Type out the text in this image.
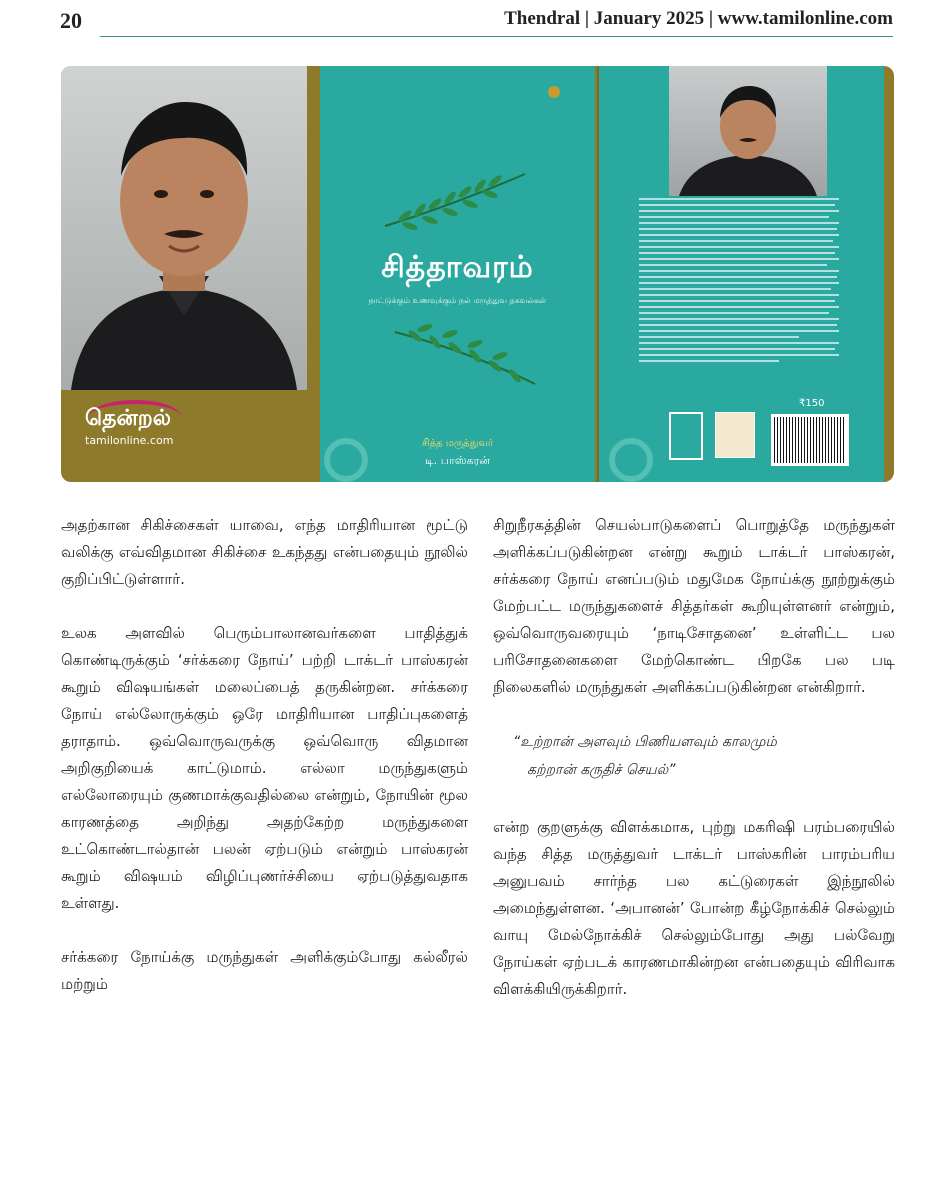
20	Thendral | January 2025 | www.tamilonline.com
தென்றல்
tamilonline.com
சித்தாவரம்
நாட்டுக்கும் உணவுக்கும் நல் மருத்துவ தகவல்கள்
சித்த மருத்துவர்
டி. பாஸ்கரன்
₹150

அதற்கான சிகிச்சைகள் யாவை, எந்த மாதிரியான மூட்டு வலிக்கு எவ்விதமான சிகிச்சை உகந்தது என்பதையும் நூலில் குறிப்பிட்டுள்ளார்.

உலக அளவில் பெரும்பாலானவர்களை பாதித்துக் கொண்டிருக்கும் ‘சர்க்கரை நோய்’ பற்றி டாக்டர் பாஸ்கரன் கூறும் விஷயங்கள் மலைப்பைத் தருகின்றன. சர்க்கரை நோய் எல்லோருக்கும் ஒரே மாதிரியான பாதிப்புகளைத் தராதாம். ஒவ்வொருவருக்கு ஒவ்வொரு விதமான அறிகுறியைக் காட்டுமாம். எல்லா மருந்துகளும் எல்லோரையும் குணமாக்குவதில்லை என்றும், நோயின் மூல காரணத்தை அறிந்து அதற்கேற்ற மருந்துகளை உட்கொண்டால்தான் பலன் ஏற்படும் என்றும் பாஸ்கரன் கூறும் விஷயம் விழிப்புணர்ச்சியை ஏற்படுத்துவதாக உள்ளது.

சர்க்கரை நோய்க்கு மருந்துகள் அளிக்கும்போது கல்லீரல் மற்றும்

சிறுநீரகத்தின் செயல்பாடுகளைப் பொறுத்தே மருந்துகள் அளிக்கப்படுகின்றன என்று கூறும் டாக்டர் பாஸ்கரன், சர்க்கரை நோய் எனப்படும் மதுமேக நோய்க்கு நூற்றுக்கும் மேற்பட்ட மருந்துகளைச் சித்தர்கள் கூறியுள்ளனர் என்றும், ஒவ்வொருவரையும் ‘நாடிசோதனை’ உள்ளிட்ட பல பரிசோதனைகளை மேற்கொண்ட பிறகே பல படி நிலைகளில் மருந்துகள் அளிக்கப்படுகின்றன என்கிறார்.

“உற்றான் அளவும் பிணியளவும் காலமும்
கற்றான் கருதிச் செயல்”

என்ற குறளுக்கு விளக்கமாக, புற்று மகரிஷி பரம்பரையில் வந்த சித்த மருத்துவர் டாக்டர் பாஸ்கரின் பாரம்பரிய அனுபவம் சார்ந்த பல கட்டுரைகள் இந்நூலில் அமைந்துள்ளன. ‘அபானன்’ போன்ற கீழ்நோக்கிச் செல்லும் வாயு மேல்நோக்கிச் செல்லும்போது அது பல்வேறு நோய்கள் ஏற்படக் காரணமாகின்றன என்பதையும் விரிவாக விளக்கியிருக்கிறார்.
